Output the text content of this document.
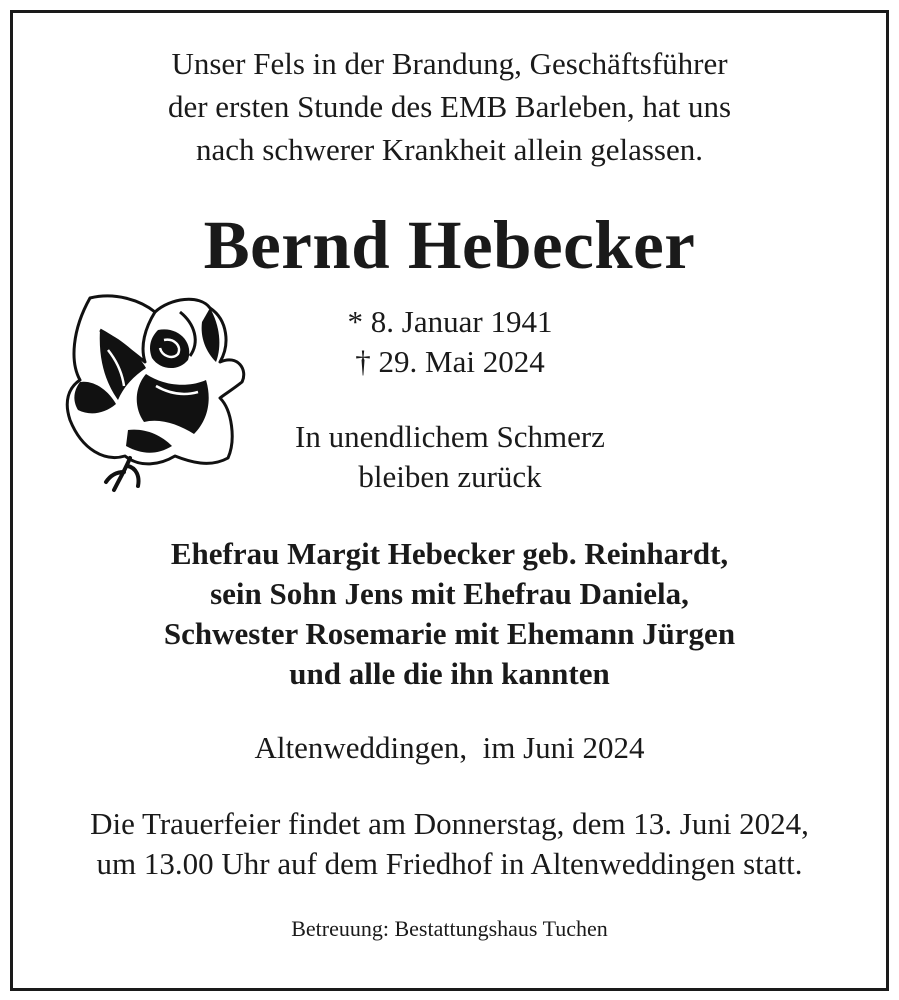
Unser Fels in der Brandung, Geschäftsführer
der ersten Stunde des EMB Barleben, hat uns
nach schwerer Krankheit allein gelassen.
Bernd Hebecker
* 8. Januar 1941
† 29. Mai 2024
In unendlichem Schmerz
bleiben zurück
Ehefrau Margit Hebecker geb. Reinhardt,
sein Sohn Jens mit Ehefrau Daniela,
Schwester Rosemarie mit Ehemann Jürgen
und alle die ihn kannten
Altenweddingen,  im Juni 2024
Die Trauerfeier findet am Donnerstag, dem 13. Juni 2024,
um 13.00 Uhr auf dem Friedhof in Altenweddingen statt.
Betreuung: Bestattungshaus Tuchen
